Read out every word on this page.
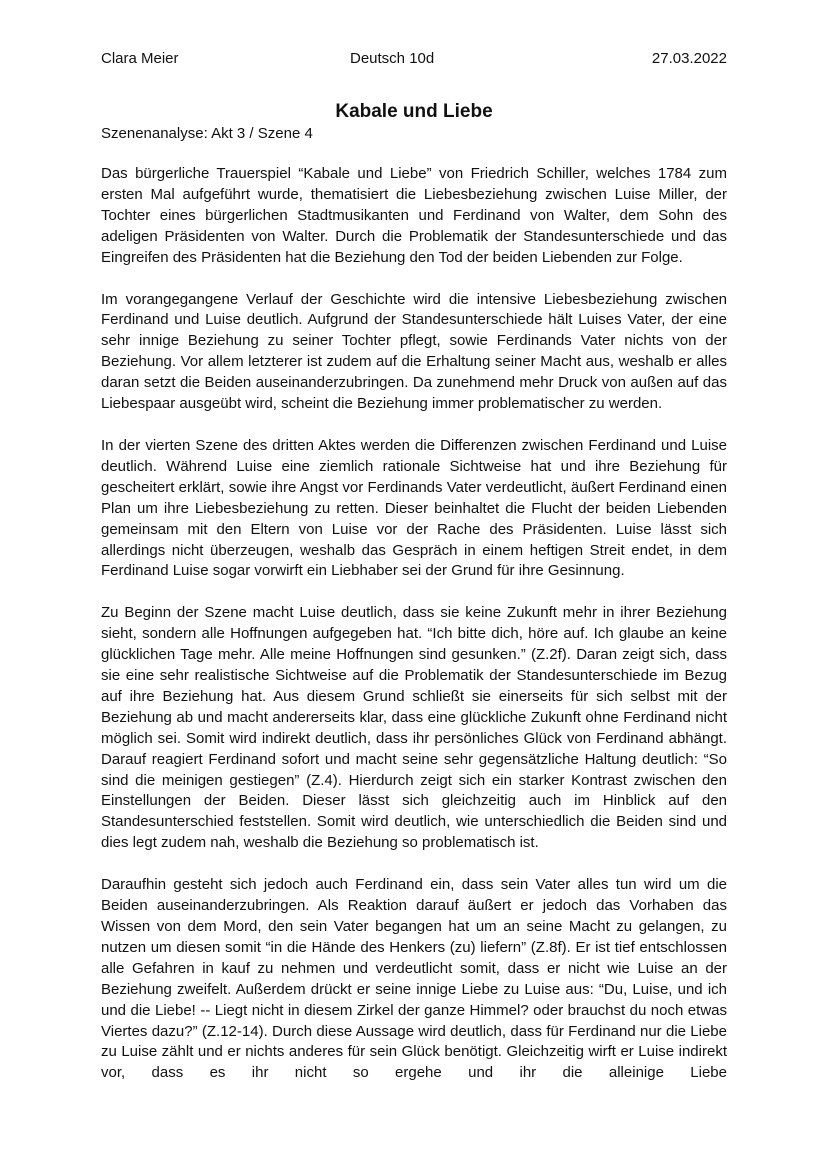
Clara Meier	Deutsch 10d	27.03.2022
Kabale und Liebe
Szenenanalyse: Akt 3 / Szene 4

Das bürgerliche Trauerspiel “Kabale und Liebe” von Friedrich Schiller, welches 1784 zum ersten Mal aufgeführt wurde, thematisiert die Liebesbeziehung zwischen Luise Miller, der Tochter eines bürgerlichen Stadtmusikanten und Ferdinand von Walter, dem Sohn des adeligen Präsidenten von Walter. Durch die Problematik der Standesunterschiede und das Eingreifen des Präsidenten hat die Beziehung den Tod der beiden Liebenden zur Folge.

Im vorangegangene Verlauf der Geschichte wird die intensive Liebesbeziehung zwischen Ferdinand und Luise deutlich. Aufgrund der Standesunterschiede hält Luises Vater, der eine sehr innige Beziehung zu seiner Tochter pflegt, sowie Ferdinands Vater nichts von der Beziehung. Vor allem letzterer ist zudem auf die Erhaltung seiner Macht aus, weshalb er alles daran setzt die Beiden auseinanderzubringen. Da zunehmend mehr Druck von außen auf das Liebespaar ausgeübt wird, scheint die Beziehung immer problematischer zu werden.

In der vierten Szene des dritten Aktes werden die Differenzen zwischen Ferdinand und Luise deutlich. Während Luise eine ziemlich rationale Sichtweise hat und ihre Beziehung für gescheitert erklärt, sowie ihre Angst vor Ferdinands Vater verdeutlicht, äußert Ferdinand einen Plan um ihre Liebesbeziehung zu retten. Dieser beinhaltet die Flucht der beiden Liebenden gemeinsam mit den Eltern von Luise vor der Rache des Präsidenten. Luise lässt sich allerdings nicht überzeugen, weshalb das Gespräch in einem heftigen Streit endet, in dem Ferdinand Luise sogar vorwirft ein Liebhaber sei der Grund für ihre Gesinnung.

Zu Beginn der Szene macht Luise deutlich, dass sie keine Zukunft mehr in ihrer Beziehung sieht, sondern alle Hoffnungen aufgegeben hat. “Ich bitte dich, höre auf. Ich glaube an keine glücklichen Tage mehr. Alle meine Hoffnungen sind gesunken.” (Z.2f). Daran zeigt sich, dass sie eine sehr realistische Sichtweise auf die Problematik der Standesunterschiede im Bezug auf ihre Beziehung hat. Aus diesem Grund schließt sie einerseits für sich selbst mit der Beziehung ab und macht andererseits klar, dass eine glückliche Zukunft ohne Ferdinand nicht möglich sei. Somit wird indirekt deutlich, dass ihr persönliches Glück von Ferdinand abhängt. Darauf reagiert Ferdinand sofort und macht seine sehr gegensätzliche Haltung deutlich: “So sind die meinigen gestiegen” (Z.4). Hierdurch zeigt sich ein starker Kontrast zwischen den Einstellungen der Beiden. Dieser lässt sich gleichzeitig auch im Hinblick auf den Standesunterschied feststellen. Somit wird deutlich, wie unterschiedlich die Beiden sind und dies legt zudem nah, weshalb die Beziehung so problematisch ist.

Daraufhin gesteht sich jedoch auch Ferdinand ein, dass sein Vater alles tun wird um die Beiden auseinanderzubringen. Als Reaktion darauf äußert er jedoch das Vorhaben das Wissen von dem Mord, den sein Vater begangen hat um an seine Macht zu gelangen, zu nutzen um diesen somit “in die Hände des Henkers (zu) liefern” (Z.8f). Er ist tief entschlossen alle Gefahren in kauf zu nehmen und verdeutlicht somit, dass er nicht wie Luise an der Beziehung zweifelt. Außerdem drückt er seine innige Liebe zu Luise aus: “Du, Luise, und ich und die Liebe! -- Liegt nicht in diesem Zirkel der ganze Himmel? oder brauchst du noch etwas Viertes dazu?” (Z.12-14). Durch diese Aussage wird deutlich, dass für Ferdinand nur die Liebe zu Luise zählt und er nichts anderes für sein Glück benötigt. Gleichzeitig wirft er Luise indirekt vor, dass es ihr nicht so ergehe und ihr die alleinige Liebe
